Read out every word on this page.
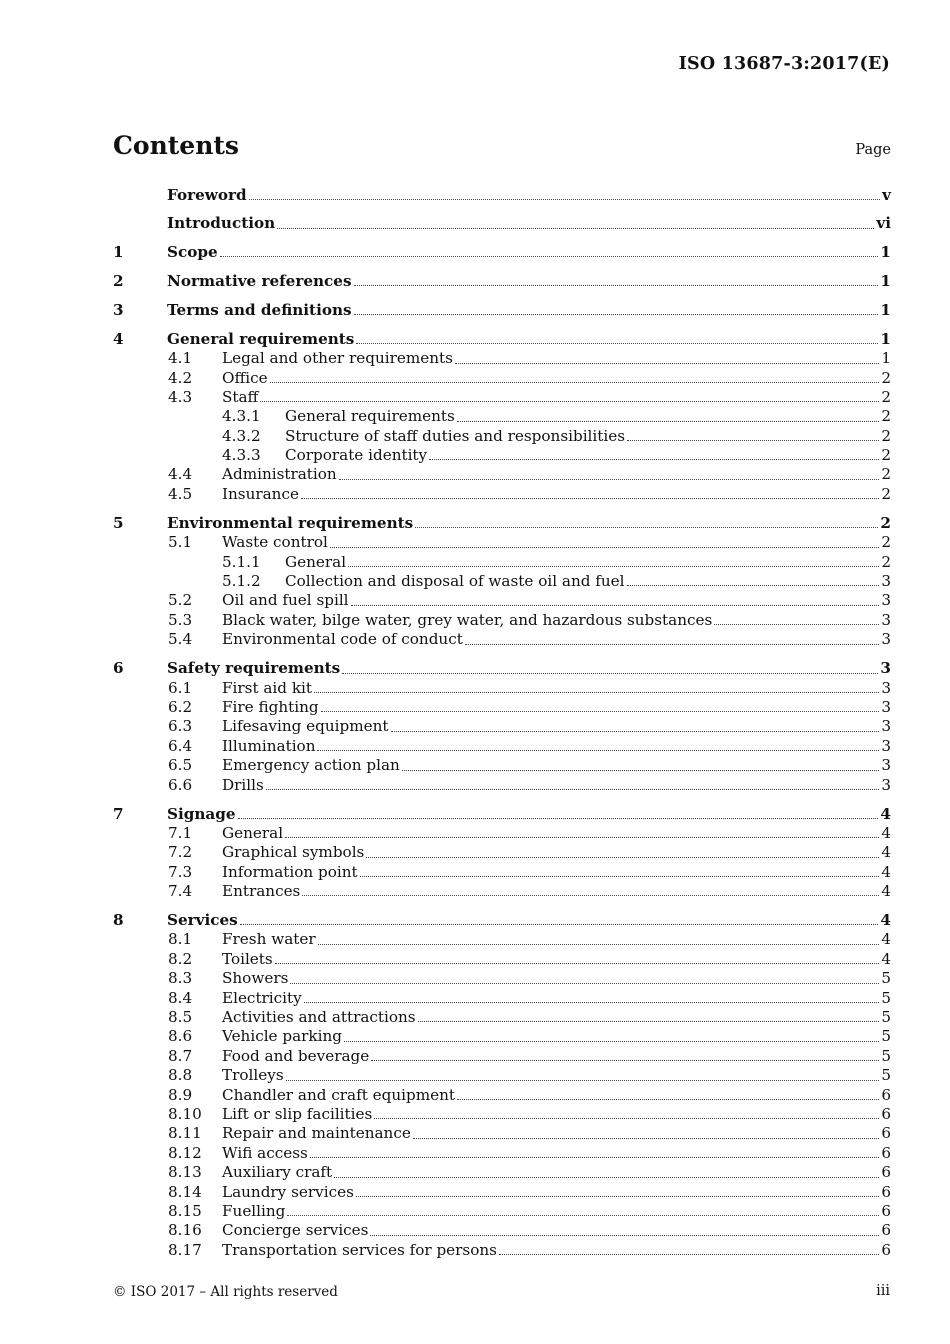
ISO 13687-3:2017(E)
Contents	Page
Foreword	v
Introduction	vi
1	Scope	1
2	Normative references	1
3	Terms and definitions	1
4	General requirements	1
4.1 Legal and other requirements	1
4.2 Office	2
4.3 Staff	2
4.3.1 General requirements	2
4.3.2 Structure of staff duties and responsibilities	2
4.3.3 Corporate identity	2
4.4 Administration	2
4.5 Insurance	2
5	Environmental requirements	2
5.1 Waste control	2
5.1.1 General	2
5.1.2 Collection and disposal of waste oil and fuel	3
5.2 Oil and fuel spill	3
5.3 Black water, bilge water, grey water, and hazardous substances	3
5.4 Environmental code of conduct	3
6	Safety requirements	3
6.1 First aid kit	3
6.2 Fire fighting	3
6.3 Lifesaving equipment	3
6.4 Illumination	3
6.5 Emergency action plan	3
6.6 Drills	3
7	Signage	4
7.1 General	4
7.2 Graphical symbols	4
7.3 Information point	4
7.4 Entrances	4
8	Services	4
8.1 Fresh water	4
8.2 Toilets	4
8.3 Showers	5
8.4 Electricity	5
8.5 Activities and attractions	5
8.6 Vehicle parking	5
8.7 Food and beverage	5
8.8 Trolleys	5
8.9 Chandler and craft equipment	6
8.10 Lift or slip facilities	6
8.11 Repair and maintenance	6
8.12 Wifi access	6
8.13 Auxiliary craft	6
8.14 Laundry services	6
8.15 Fuelling	6
8.16 Concierge services	6
8.17 Transportation services for persons	6
© ISO 2017 – All rights reserved	iii
